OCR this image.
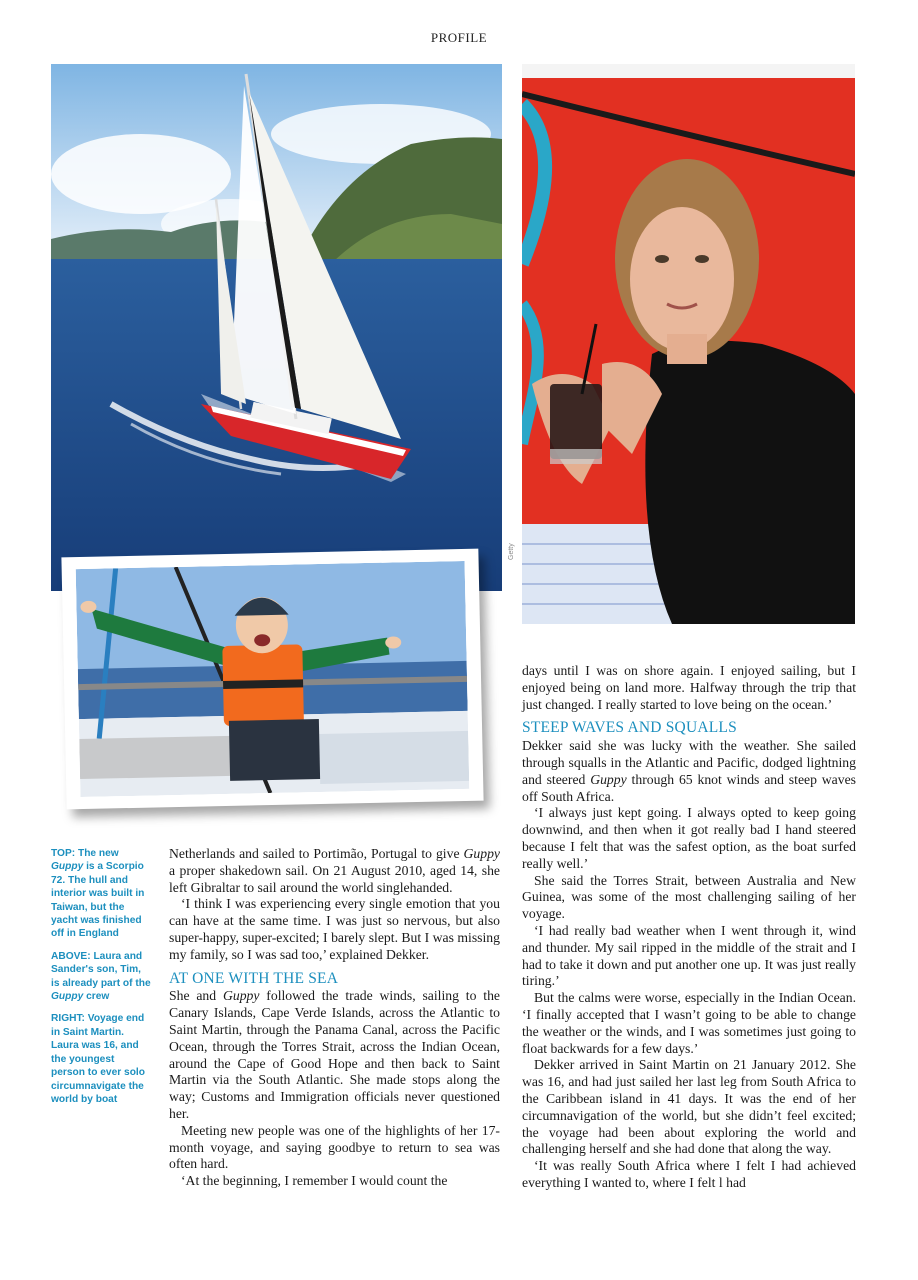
PROFILE
Getty

TOP: The new Guppy is a Scorpio 72. The hull and interior was built in Taiwan, but the yacht was finished off in England

ABOVE: Laura and Sander's son, Tim, is already part of the Guppy crew

RIGHT: Voyage end in Saint Martin. Laura was 16, and the youngest person to ever solo circumnavigate the world by boat

Netherlands and sailed to Portimão, Portugal to give Guppy a proper shakedown sail. On 21 August 2010, aged 14, she left Gibraltar to sail around the world singlehanded.

‘I think I was experiencing every single emotion that you can have at the same time. I was just so nervous, but also super-happy, super-excited; I barely slept. But I was missing my family, so I was sad too,’ explained Dekker.

AT ONE WITH THE SEA

She and Guppy followed the trade winds, sailing to the Canary Islands, Cape Verde Islands, across the Atlantic to Saint Martin, through the Panama Canal, across the Pacific Ocean, through the Torres Strait, across the Indian Ocean, around the Cape of Good Hope and then back to Saint Martin via the South Atlantic. She made stops along the way; Customs and Immigration officials never questioned her.

Meeting new people was one of the highlights of her 17-month voyage, and saying goodbye to return to sea was often hard.

‘At the beginning, I remember I would count the

days until I was on shore again. I enjoyed sailing, but I enjoyed being on land more. Halfway through the trip that just changed. I really started to love being on the ocean.’

STEEP WAVES AND SQUALLS

Dekker said she was lucky with the weather. She sailed through squalls in the Atlantic and Pacific, dodged lightning and steered Guppy through 65 knot winds and steep waves off South Africa.

‘I always just kept going. I always opted to keep going downwind, and then when it got really bad I hand steered because I felt that was the safest option, as the boat surfed really well.’

She said the Torres Strait, between Australia and New Guinea, was some of the most challenging sailing of her voyage.

‘I had really bad weather when I went through it, wind and thunder. My sail ripped in the middle of the strait and I had to take it down and put another one up. It was just really tiring.’

But the calms were worse, especially in the Indian Ocean. ‘I finally accepted that I wasn’t going to be able to change the weather or the winds, and I was sometimes just going to float backwards for a few days.’

Dekker arrived in Saint Martin on 21 January 2012. She was 16, and had just sailed her last leg from South Africa to the Caribbean island in 41 days. It was the end of her circumnavigation of the world, but she didn’t feel excited; the voyage had been about exploring the world and challenging herself and she had done that along the way.

‘It was really South Africa where I felt I had achieved everything I wanted to, where I felt l had
